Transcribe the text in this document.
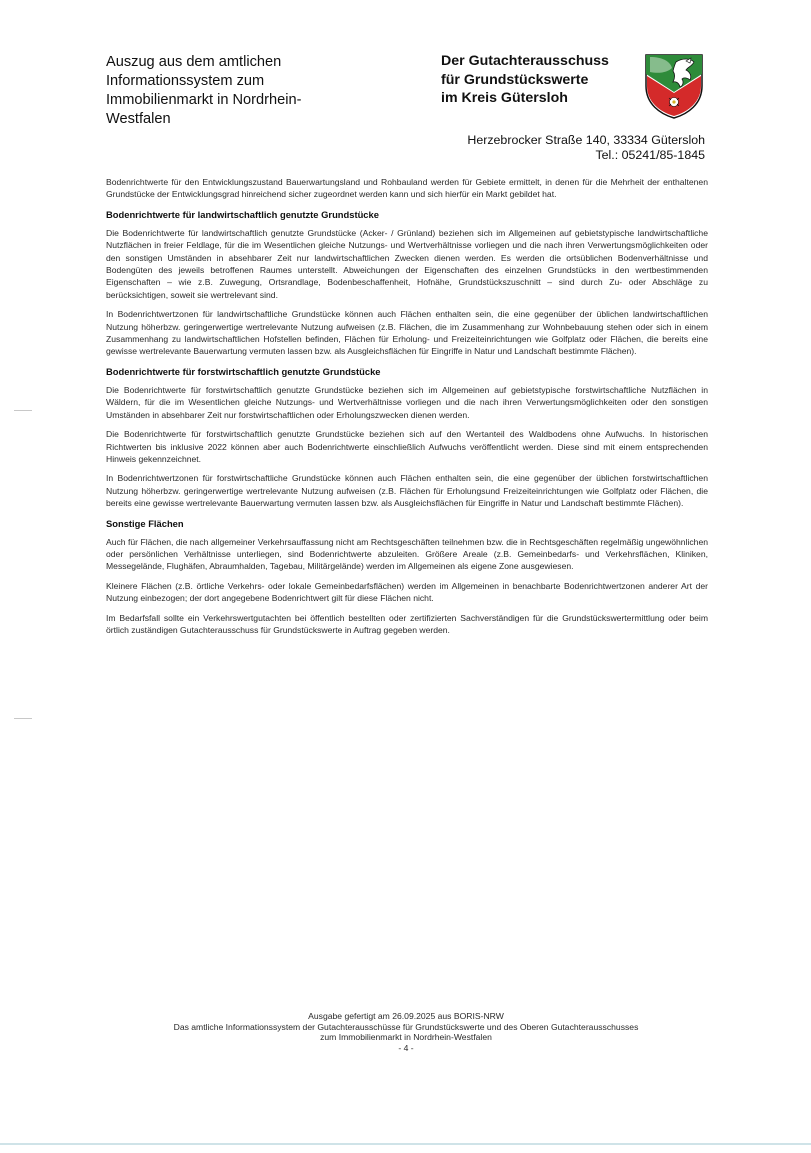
Auszug aus dem amtlichen
Informationssystem zum
Immobilienmarkt in Nordrhein-
Westfalen
Der Gutachterausschuss
für Grundstückswerte
im Kreis Gütersloh
Herzebrocker Straße 140, 33334 Gütersloh
Tel.: 05241/85-1845

Bodenrichtwerte für den Entwicklungszustand Bauerwartungsland und Rohbauland werden für Gebiete ermittelt, in denen für die Mehrheit der enthaltenen Grundstücke der Entwicklungsgrad hinreichend sicher zugeordnet werden kann und sich hierfür ein Markt gebildet hat.

Bodenrichtwerte für landwirtschaftlich genutzte Grundstücke

Die Bodenrichtwerte für landwirtschaftlich genutzte Grundstücke (Acker- / Grünland) beziehen sich im Allgemeinen auf gebietstypische landwirtschaftliche Nutzflächen in freier Feldlage, für die im Wesentlichen gleiche Nutzungs- und Wertverhältnisse vorliegen und die nach ihren Verwertungsmöglichkeiten oder den sonstigen Umständen in absehbarer Zeit nur landwirtschaftlichen Zwecken dienen werden. Es werden die ortsüblichen Bodenverhältnisse und Bodengüten des jeweils betroffenen Raumes unterstellt. Abweichungen der Eigenschaften des einzelnen Grundstücks in den wertbestimmenden Eigenschaften – wie z.B. Zuwegung, Ortsrandlage, Bodenbeschaffenheit, Hofnähe, Grundstückszuschnitt – sind durch Zu- oder Abschläge zu berücksichtigen, soweit sie wertrelevant sind.

In Bodenrichtwertzonen für landwirtschaftliche Grundstücke können auch Flächen enthalten sein, die eine gegenüber der üblichen landwirtschaftlichen Nutzung höherbzw. geringerwertige wertrelevante Nutzung aufweisen (z.B. Flächen, die im Zusammenhang zur Wohnbebauung stehen oder sich in einem Zusammenhang zu landwirtschaftlichen Hofstellen befinden, Flächen für Erholung- und Freizeiteinrichtungen wie Golfplatz oder Flächen, die bereits eine gewisse wertrelevante Bauerwartung vermuten lassen bzw. als Ausgleichsflächen für Eingriffe in Natur und Landschaft bestimmte Flächen).

Bodenrichtwerte für forstwirtschaftlich genutzte Grundstücke

Die Bodenrichtwerte für forstwirtschaftlich genutzte Grundstücke beziehen sich im Allgemeinen auf gebietstypische forstwirtschaftliche Nutzflächen in Wäldern, für die im Wesentlichen gleiche Nutzungs- und Wertverhältnisse vorliegen und die nach ihren Verwertungsmöglichkeiten oder den sonstigen Umständen in absehbarer Zeit nur forstwirtschaftlichen oder Erholungszwecken dienen werden.

Die Bodenrichtwerte für forstwirtschaftlich genutzte Grundstücke beziehen sich auf den Wertanteil des Waldbodens ohne Aufwuchs. In historischen Richtwerten bis inklusive 2022 können aber auch Bodenrichtwerte einschließlich Aufwuchs veröffentlicht werden. Diese sind mit einem entsprechenden Hinweis gekennzeichnet.

In Bodenrichtwertzonen für forstwirtschaftliche Grundstücke können auch Flächen enthalten sein, die eine gegenüber der üblichen forstwirtschaftlichen Nutzung höherbzw. geringerwertige wertrelevante Nutzung aufweisen (z.B. Flächen für Erholungsund Freizeiteinrichtungen wie Golfplatz oder Flächen, die bereits eine gewisse wertrelevante Bauerwartung vermuten lassen bzw. als Ausgleichsflächen für Eingriffe in Natur und Landschaft bestimmte Flächen).

Sonstige Flächen

Auch für Flächen, die nach allgemeiner Verkehrsauffassung nicht am Rechtsgeschäften teilnehmen bzw. die in Rechtsgeschäften regelmäßig ungewöhnlichen oder persönlichen Verhältnisse unterliegen, sind Bodenrichtwerte abzuleiten. Größere Areale (z.B. Gemeinbedarfs- und Verkehrsflächen, Kliniken, Messegelände, Flughäfen, Abraumhalden, Tagebau, Militärgelände) werden im Allgemeinen als eigene Zone ausgewiesen.

Kleinere Flächen (z.B. örtliche Verkehrs- oder lokale Gemeinbedarfsflächen) werden im Allgemeinen in benachbarte Bodenrichtwertzonen anderer Art der Nutzung einbezogen; der dort angegebene Bodenrichtwert gilt für diese Flächen nicht.

Im Bedarfsfall sollte ein Verkehrswertgutachten bei öffentlich bestellten oder zertifizierten Sachverständigen für die Grundstückswertermittlung oder beim örtlich zuständigen Gutachterausschuss für Grundstückswerte in Auftrag gegeben werden.

Ausgabe gefertigt am 26.09.2025 aus BORIS-NRW
Das amtliche Informationssystem der Gutachterausschüsse für Grundstückswerte und des Oberen Gutachterausschusses
zum Immobilienmarkt in Nordrhein-Westfalen
- 4 -
